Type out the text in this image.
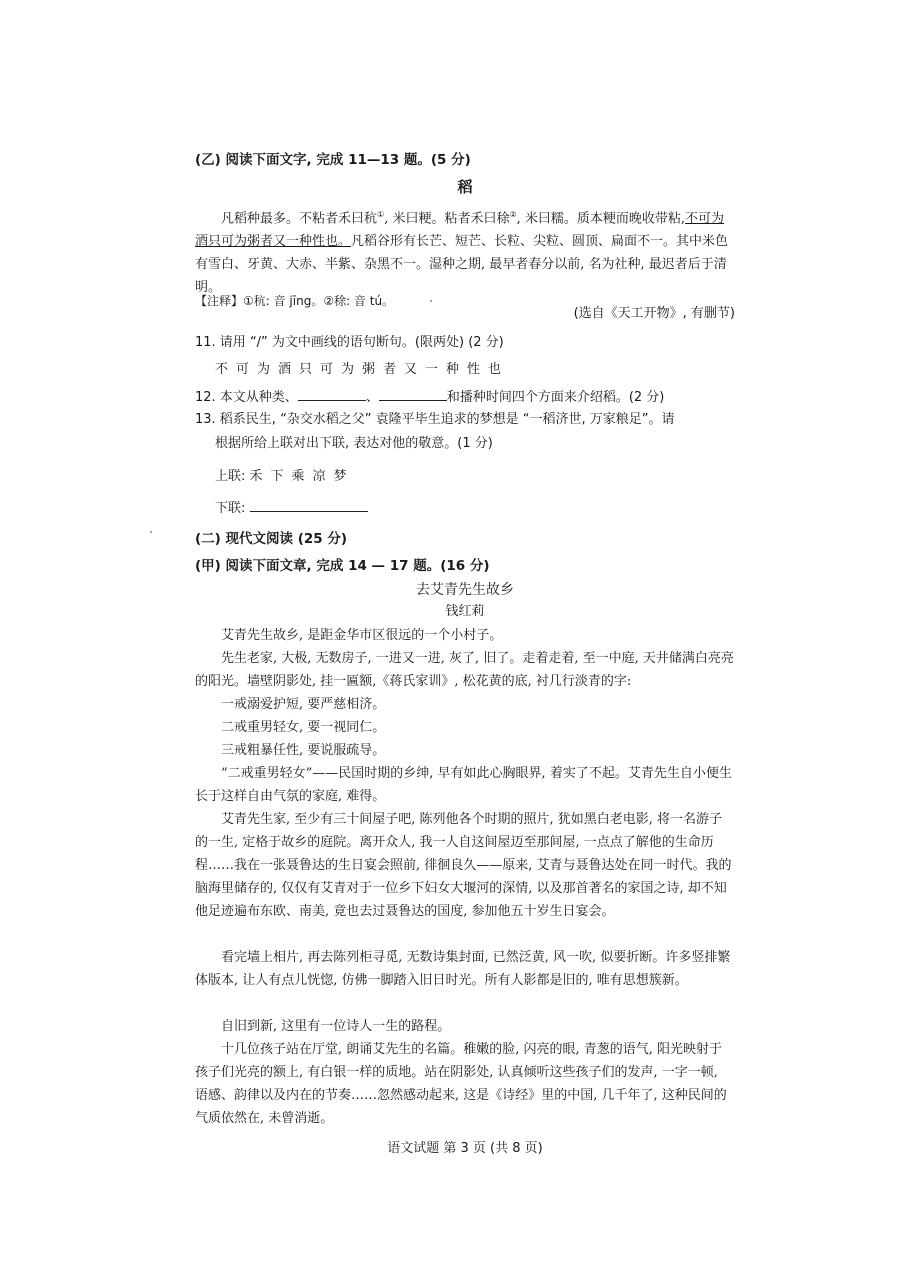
(乙) 阅读下面文字, 完成 11—13 题。(5 分)
稻
凡稻种最多。不粘者禾曰秔①, 米曰粳。粘者禾曰稌②, 米曰糯。质本粳而晚收带粘,不可为酒只可为粥者又一种性也。凡稻谷形有长芒、短芒、长粒、尖粒、圆顶、扁面不一。其中米色有雪白、牙黄、大赤、半紫、杂黑不一。湿种之期, 最早者春分以前, 名为社种, 最迟者后于清明。
【注释】①秔: 音 jīng。②稌: 音 tú。
(选自《天工开物》, 有删节)
11. 请用 “/” 为文中画线的语句断句。(限两处) (2 分)
不可为酒只可为粥者又一种性也
12. 本文从种类、	、	和播种时间四个方面来介绍稻。(2 分)
13. 稻系民生, “杂交水稻之父” 袁隆平毕生追求的梦想是 “一稻济世, 万家粮足”。请
根据所给上联对出下联, 表达对他的敬意。(1 分)
上联: 禾下乘凉梦
下联:
(二) 现代文阅读 (25 分)
(甲) 阅读下面文章, 完成 14 — 17 题。(16 分)
去艾青先生故乡
钱红莉
艾青先生故乡, 是距金华市区很远的一个小村子。
先生老家, 大极, 无数房子, 一进又一进, 灰了, 旧了。走着走着, 至一中庭, 天井储满白亮亮的阳光。墙壁阴影处, 挂一匾额,《蒋氏家训》, 松花黄的底, 衬几行淡青的字:
一戒溺爱护短, 要严慈相济。
二戒重男轻女, 要一视同仁。
三戒粗暴任性, 要说服疏导。
“二戒重男轻女”——民国时期的乡绅, 早有如此心胸眼界, 着实了不起。艾青先生自小便生长于这样自由气氛的家庭, 难得。
艾青先生家, 至少有三十间屋子吧, 陈列他各个时期的照片, 犹如黑白老电影, 将一名游子的一生, 定格于故乡的庭院。离开众人, 我一人自这间屋迈至那间屋, 一点点了解他的生命历程……我在一张聂鲁达的生日宴会照前, 徘徊良久——原来, 艾青与聂鲁达处在同一时代。我的脑海里储存的, 仅仅有艾青对于一位乡下妇女大堰河的深情, 以及那首著名的家国之诗, 却不知他足迹遍布东欧、南美, 竟也去过聂鲁达的国度, 参加他五十岁生日宴会。
看完墙上相片, 再去陈列柜寻觅, 无数诗集封面, 已然泛黄, 风一吹, 似要折断。许多竖排繁体版本, 让人有点儿恍惚, 仿佛一脚踏入旧日时光。所有人影都是旧的, 唯有思想簇新。
自旧到新, 这里有一位诗人一生的路程。
十几位孩子站在厅堂, 朗诵艾先生的名篇。稚嫩的脸, 闪亮的眼, 青葱的语气, 阳光映射于孩子们光亮的额上, 有白银一样的质地。站在阴影处, 认真倾听这些孩子们的发声, 一字一顿, 语感、韵律以及内在的节奏……忽然感动起来, 这是《诗经》里的中国, 几千年了, 这种民间的气质依然在, 未曾消逝。
语文试题 第 3 页 (共 8 页)
